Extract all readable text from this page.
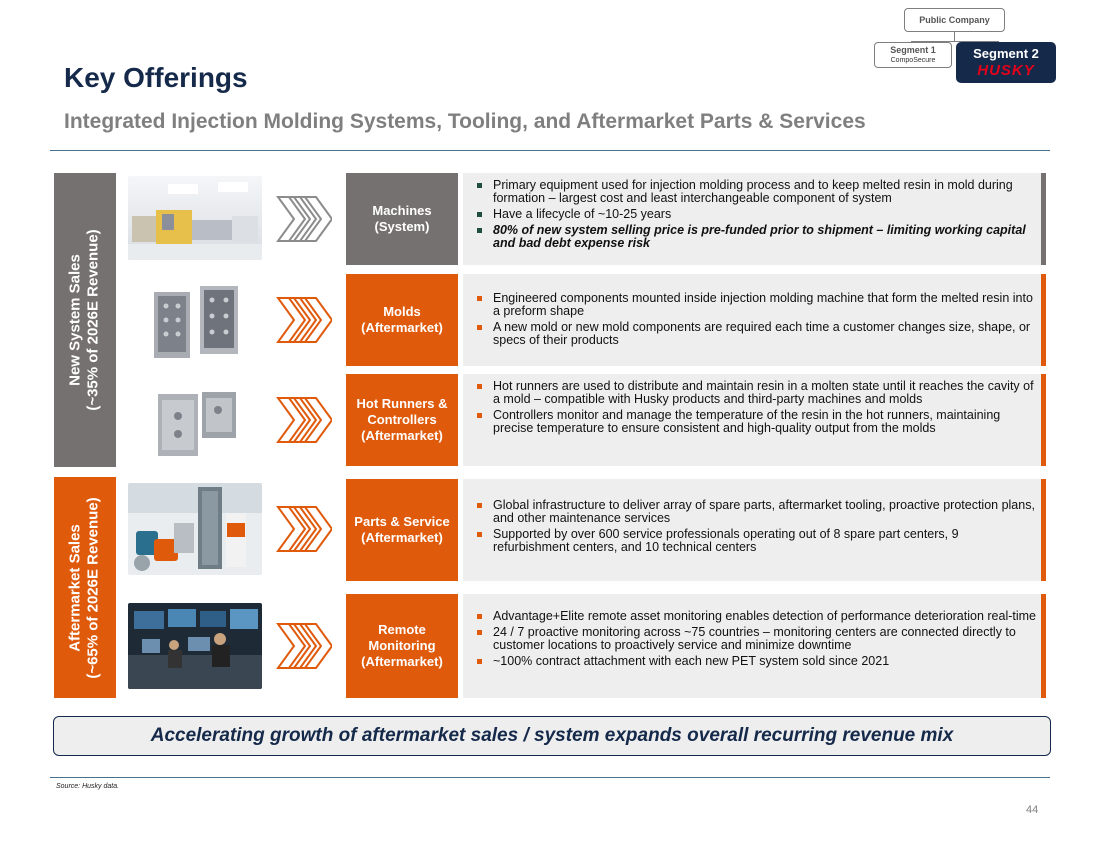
Key Offerings
Integrated Injection Molding Systems, Tooling, and Aftermarket Parts & Services
Public Company
Segment 1
CompoSecure	Segment 2
HUSKY
New System Sales (~35% of 2026E Revenue)
Aftermarket Sales (~65% of 2026E Revenue)
Machines
(System)
Primary equipment used for injection molding process and to keep melted resin in mold during formation – largest cost and least interchangeable component of system
Have a lifecycle of ~10-25 years
80% of new system selling price is pre-funded prior to shipment – limiting working capital and bad debt expense risk
Molds
(Aftermarket)
Engineered components mounted inside injection molding machine that form the melted resin into a preform shape
A new mold or new mold components are required each time a customer changes size, shape, or specs of their products
Hot Runners &
Controllers
(Aftermarket)
Hot runners are used to distribute and maintain resin in a molten state until it reaches the cavity of a mold – compatible with Husky products and third-party machines and molds
Controllers monitor and manage the temperature of the resin in the hot runners, maintaining precise temperature to ensure consistent and high-quality output from the molds
Parts & Service
(Aftermarket)
Global infrastructure to deliver array of spare parts, aftermarket tooling, proactive protection plans, and other maintenance services
Supported by over 600 service professionals operating out of 8 spare part centers, 9 refurbishment centers, and 10 technical centers
Remote
Monitoring
(Aftermarket)
Advantage+Elite remote asset monitoring enables detection of performance deterioration real-time
24 / 7 proactive monitoring across ~75 countries – monitoring centers are connected directly to customer locations to proactively service and minimize downtime
~100% contract attachment with each new PET system sold since 2021
Accelerating growth of aftermarket sales / system expands overall recurring revenue mix
Source: Husky data.
44
